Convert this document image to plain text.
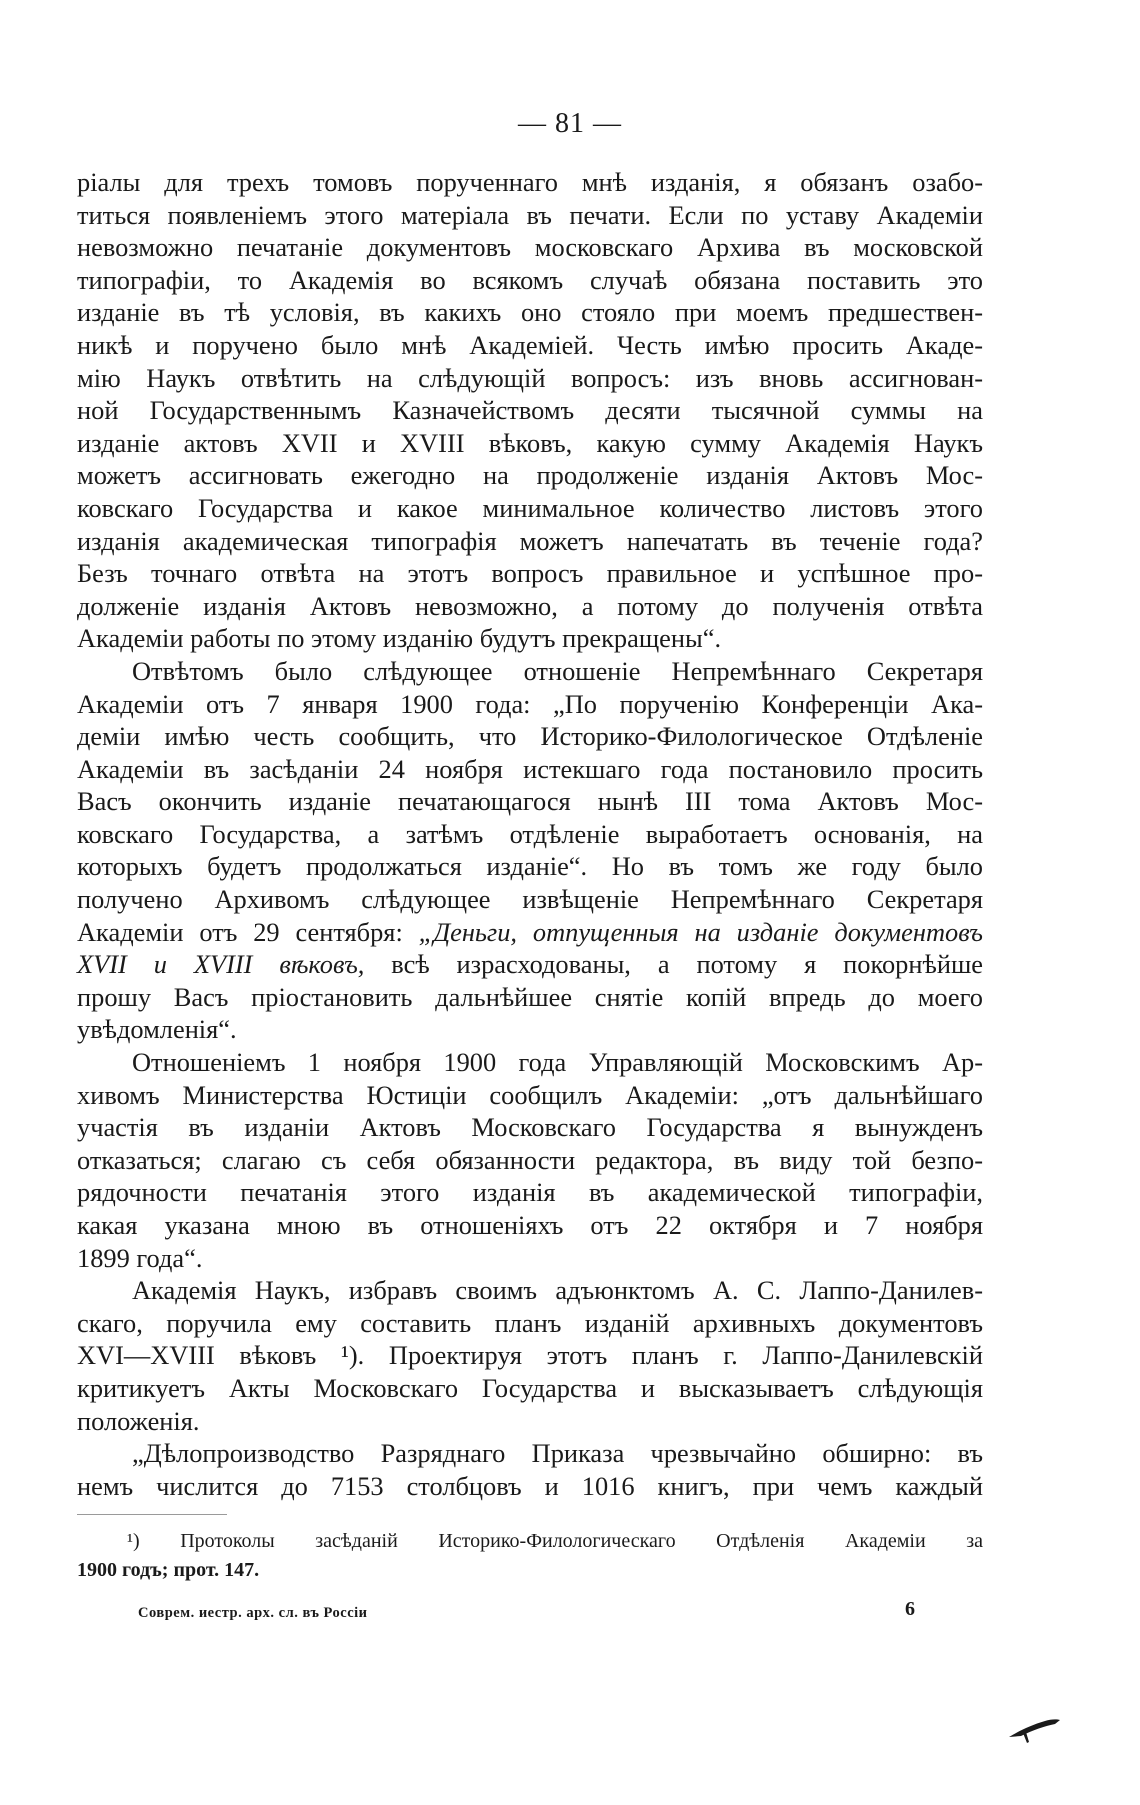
— 81 —

ріалы для трехъ томовъ порученнаго мнѣ изданія, я обязанъ озабо-

титься появленіемъ этого матеріала въ печати. Если по уставу Академіи

невозможно печатаніе документовъ московскаго Архива въ московской

типографіи, то Академія во всякомъ случаѣ обязана поставить это

изданіе въ тѣ условія, въ какихъ оно стояло при моемъ предшествен-

никѣ и поручено было мнѣ Академіей. Честь имѣю просить Акаде-

мію Наукъ отвѣтить на слѣдующій вопросъ: изъ вновь ассигнован-

ной Государственнымъ Казначействомъ десяти тысячной суммы на

изданіе актовъ XVII и XVIII вѣковъ, какую сумму Академія Наукъ

можетъ ассигновать ежегодно на продолженіе изданія Актовъ Мос-

ковскаго Государства и какое минимальное количество листовъ этого

изданія академическая типографія можетъ напечатать въ теченіе года?

Безъ точнаго отвѣта на этотъ вопросъ правильное и успѣшное про-

долженіе изданія Актовъ невозможно, а потому до полученія отвѣта

Академіи работы по этому изданію будутъ прекращены“.

Отвѣтомъ было слѣдующее отношеніе Непремѣннаго Секретаря

Академіи отъ 7 января 1900 года: „По порученію Конференціи Ака-

деміи имѣю честь сообщить, что Историко-Филологическое Отдѣленіе

Академіи въ засѣданіи 24 ноября истекшаго года постановило просить

Васъ окончить изданіе печатающагося нынѣ III тома Актовъ Мос-

ковскаго Государства, а затѣмъ отдѣленіе выработаетъ основанія, на

которыхъ будетъ продолжаться изданіе“. Но въ томъ же году было

получено Архивомъ слѣдующее извѣщеніе Непремѣннаго Секретаря

Академіи отъ 29 сентября: „Деньги, отпущенныя на изданіе документовъ

XVII и XVIII вѣковъ, всѣ израсходованы, а потому я покорнѣйше

прошу Васъ пріостановить дальнѣйшее снятіе копій впредь до моего

увѣдомленія“.

Отношеніемъ 1 ноября 1900 года Управляющій Московскимъ Ар-

хивомъ Министерства Юстиціи сообщилъ Академіи: „отъ дальнѣйшаго

участія въ изданіи Актовъ Московскаго Государства я вынужденъ

отказаться; слагаю съ себя обязанности редактора, въ виду той безпо-

рядочности печатанія этого изданія въ академической типографіи,

какая указана мною въ отношеніяхъ отъ 22 октября и 7 ноября

1899 года“.

Академія Наукъ, избравъ своимъ адъюнктомъ А. С. Лаппо-Данилев-

скаго, поручила ему составить планъ изданій архивныхъ документовъ

XVI—XVIII вѣковъ ¹). Проектируя этотъ планъ г. Лаппо-Данилевскій

критикуетъ Акты Московскаго Государства и высказываетъ слѣдующія

положенія.

„Дѣлопроизводство Разряднаго Приказа чрезвычайно обширно: въ

немъ числится до 7153 столбцовъ и 1016 книгъ, при чемъ каждый

¹) Протоколы засѣданій Историко-Филологическаго Отдѣленія Академіи за
1900 годъ; прот. 147.
Соврем. иестр. арх. сл. въ Россіи	6
